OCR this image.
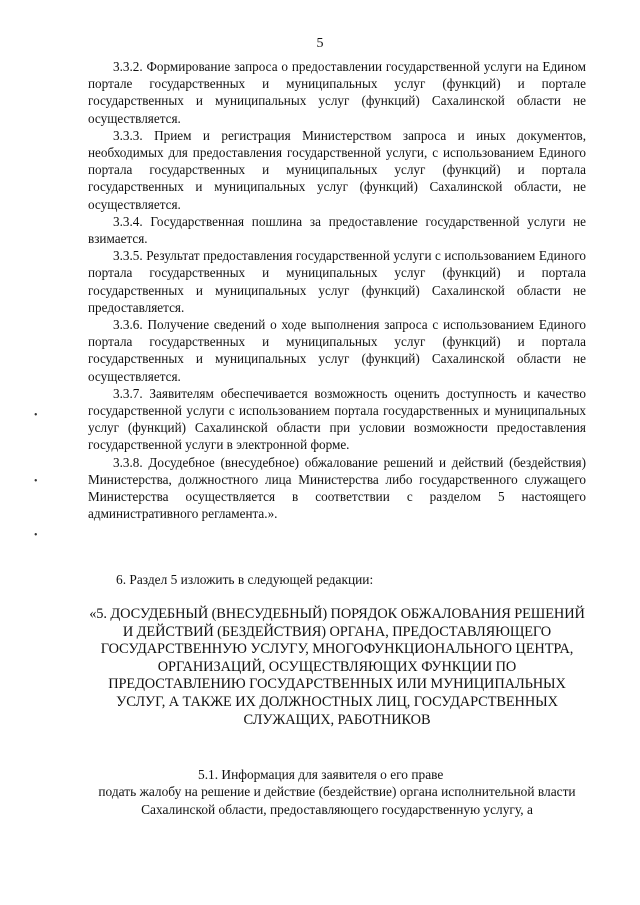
5

3.3.2. Формирование запроса о предоставлении государственной услуги на Едином портале государственных и муниципальных услуг (функций) и портале государственных и муниципальных услуг (функций) Сахалинской области не осуществляется.

3.3.3. Прием и регистрация Министерством запроса и иных документов, необходимых для предоставления государственной услуги, с использованием Единого портала государственных и муниципальных услуг (функций) и портала государственных и муниципальных услуг (функций) Сахалинской области, не осуществляется.

3.3.4. Государственная пошлина за предоставление государственной услуги не взимается.

3.3.5. Результат предоставления государственной услуги с использованием Единого портала государственных и муниципальных услуг (функций) и портала государственных и муниципальных услуг (функций) Сахалинской области не предоставляется.

3.3.6. Получение сведений о ходе выполнения запроса с использованием Единого портала государственных и муниципальных услуг (функций) и портала государственных и муниципальных услуг (функций) Сахалинской области не осуществляется.

3.3.7. Заявителям обеспечивается возможность оценить доступность и качество государственной услуги с использованием портала государственных и муниципальных услуг (функций) Сахалинской области при условии возможности предоставления государственной услуги в электронной форме.

3.3.8. Досудебное (внесудебное) обжалование решений и действий (бездействия) Министерства, должностного лица Министерства либо государственного служащего Министерства осуществляется в соответствии с разделом 5 настоящего административного регламента.».

•
•
•
6. Раздел 5 изложить в следующей редакции:
«5. ДОСУДЕБНЫЙ (ВНЕСУДЕБНЫЙ) ПОРЯДОК ОБЖАЛОВАНИЯ РЕШЕНИЙ И ДЕЙСТВИЙ (БЕЗДЕЙСТВИЯ) ОРГАНА, ПРЕДОСТАВЛЯЮЩЕГО ГОСУДАРСТВЕННУЮ УСЛУГУ, МНОГОФУНКЦИОНАЛЬНОГО ЦЕНТРА, ОРГАНИЗАЦИЙ, ОСУЩЕСТВЛЯЮЩИХ ФУНКЦИИ ПО ПРЕДОСТАВЛЕНИЮ ГОСУДАРСТВЕННЫХ ИЛИ МУНИЦИПАЛЬНЫХ УСЛУГ, А ТАКЖЕ ИХ ДОЛЖНОСТНЫХ ЛИЦ, ГОСУДАРСТВЕННЫХ СЛУЖАЩИХ, РАБОТНИКОВ
5.1. Информация для заявителя о его праве
подать жалобу на решение и действие (бездействие) органа исполнительной власти Сахалинской области, предоставляющего государственную услугу, а
